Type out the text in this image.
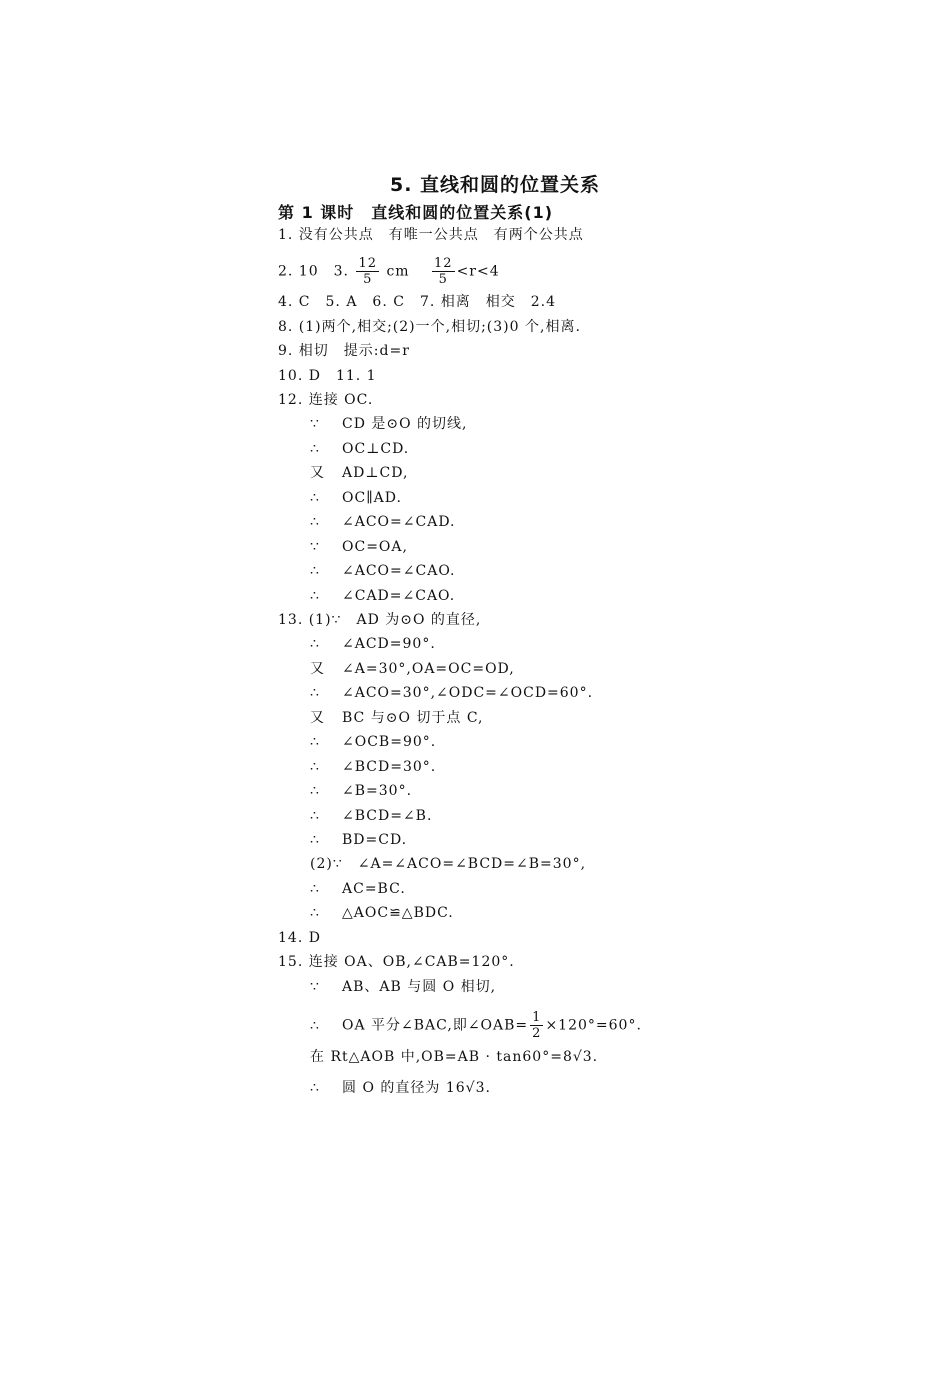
5. 直线和圆的位置关系
第 1 课时　直线和圆的位置关系(1)
1. 没有公共点　有唯一公共点　有两个公共点
2. 10　3. $\frac{12}{5}$ cm  $\frac{12}{5} <r<4$
4. C　5. A　6. C　7. 相离　相交　2.4
8. (1)两个,相交;(2)一个,相切;(3)0 个,相离.
9. 相切　提示:d=r
10. D　11. 1
12. 连接 OC.
∵ CD 是⊙O 的切线,
∴ OC⊥CD.
又 AD⊥CD,
∴ OC∥AD.
∴ ∠ACO=∠CAD.
∵ OC=OA,
∴ ∠ACO=∠CAO.
∴ ∠CAD=∠CAO.
13. (1)∵　AD 为⊙O 的直径,
∴ ∠ACD=90°.
又 ∠A=30°,OA=OC=OD,
∴ ∠ACO=30°,∠ODC=∠OCD=60°.
又 BC 与⊙O 切于点 C,
∴ ∠OCB=90°.
∴ ∠BCD=30°.
∴ ∠B=30°.
∴ ∠BCD=∠B.
∴ BD=CD.
(2)∵　∠A=∠ACO=∠BCD=∠B=30°,
∴ AC=BC.
∴ △AOC≌△BDC.
14. D
15. 连接 OA、OB,∠CAB=120°.
∵ AB、AB 与圆 O 相切,
∴ OA 平分∠BAC,即∠OAB= $\frac{1}{2} \times 120^\circ=60^\circ$.
在 Rt△AOB 中,OB=AB · tan60°=8√3.
∴ 圆 O 的直径为 16√3.
